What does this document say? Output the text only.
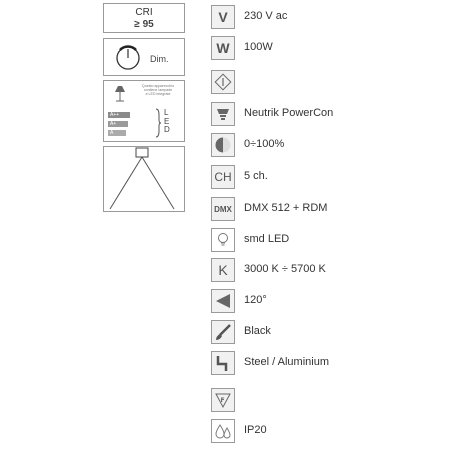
CRI
≥ 95
Dim.
Questo apparecchio
contiene lampade
a LED integrate
A++
A+
A
L
E
D
V	230 V ac
W	100W
Neutrik PowerCon
0÷100%
CH	5 ch.
DMX DMX 512 + RDM
smd LED
K	3000 K ÷ 5700 K
120°
Black
Steel / Aluminium
F
IP20
